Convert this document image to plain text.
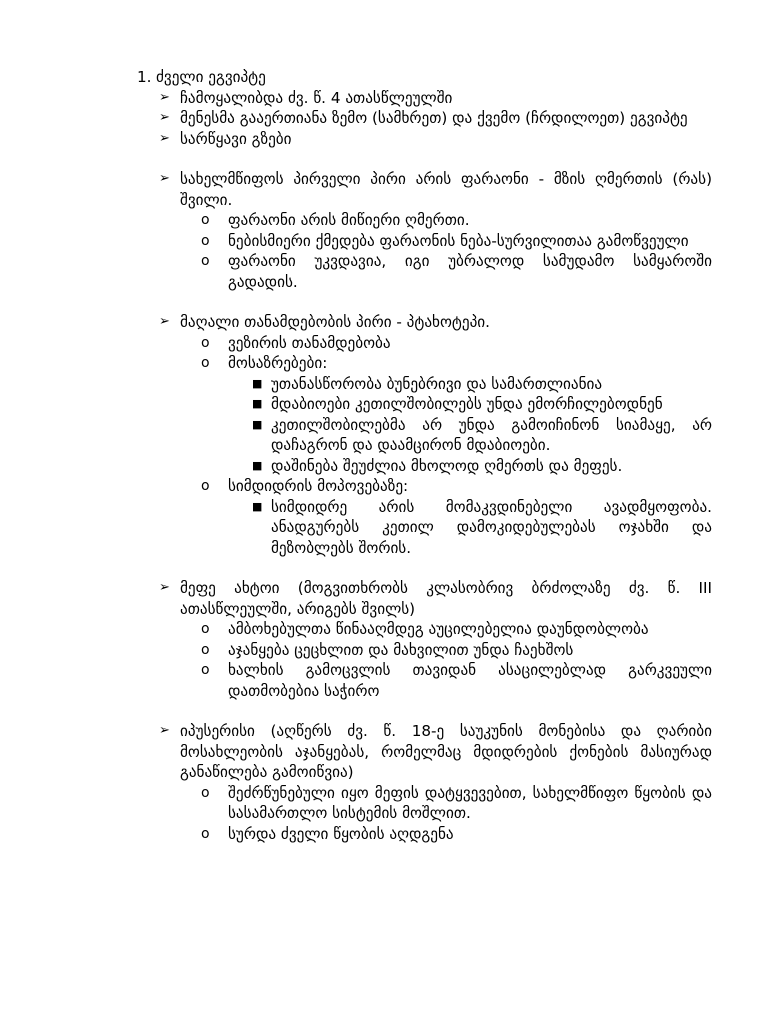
1. ძველი ეგვიპტე
➢ ჩამოყალიბდა ძვ. წ. 4 ათასწლეულში
➢ მენესმა გააერთიანა ზემო (სამხრეთ) და ქვემო (ჩრდილოეთ) ეგვიპტე
➢ სარწყავი გზები
➢ სახელმწიფოს პირველი პირი არის ფარაონი - მზის ღმერთის (რას) შვილი.
o ფარაონი არის მიწიერი ღმერთი.
o ნებისმიერი ქმედება ფარაონის ნება-სურვილითაა გამოწვეული
o ფარაონი უკვდავია, იგი უბრალოდ სამუდამო სამყაროში გადადის.
➢ მაღალი თანამდებობის პირი - პტახოტეპი.
o ვეზირის თანამდებობა
o მოსაზრებები:
■ უთანასწორობა ბუნებრივი და სამართლიანია
■ მდაბიოები კეთილშობილებს უნდა ემორჩილებოდნენ
■ კეთილშობილებმა არ უნდა გამოიჩინონ სიამაყე, არ დაჩაგრონ და დაამცირონ მდაბიოები.
■ დაშინება შეუძლია მხოლოდ ღმერთს და მეფეს.
o სიმდიდრის მოპოვებაზე:
■ სიმდიდრე არის მომაკვდინებელი ავადმყოფობა. ანადგურებს კეთილ დამოკიდებულებას ოჯახში და მეზობლებს შორის.
➢ მეფე ახტოი (მოგვითხრობს კლასობრივ ბრძოლაზე ძვ. წ. III ათასწლეულში, არიგებს შვილს)
o ამბოხებულთა წინააღმდეგ აუცილებელია დაუნდობლობა
o აჯანყება ცეცხლით და მახვილით უნდა ჩაეხშოს
o ხალხის გამოცვლის თავიდან ასაცილებლად გარკვეული დათმობებია საჭირო
➢ იპუსერისი (აღწერს ძვ. წ. 18-ე საუკუნის მონებისა და ღარიბი მოსახლეობის აჯანყებას, რომელმაც მდიდრების ქონების მასიურად განაწილება გამოიწვია)
o შეძრწუნებული იყო მეფის დატყვევებით, სახელმწიფო წყობის და სასამართლო სისტემის მოშლით.
o სურდა ძველი წყობის აღდგენა
